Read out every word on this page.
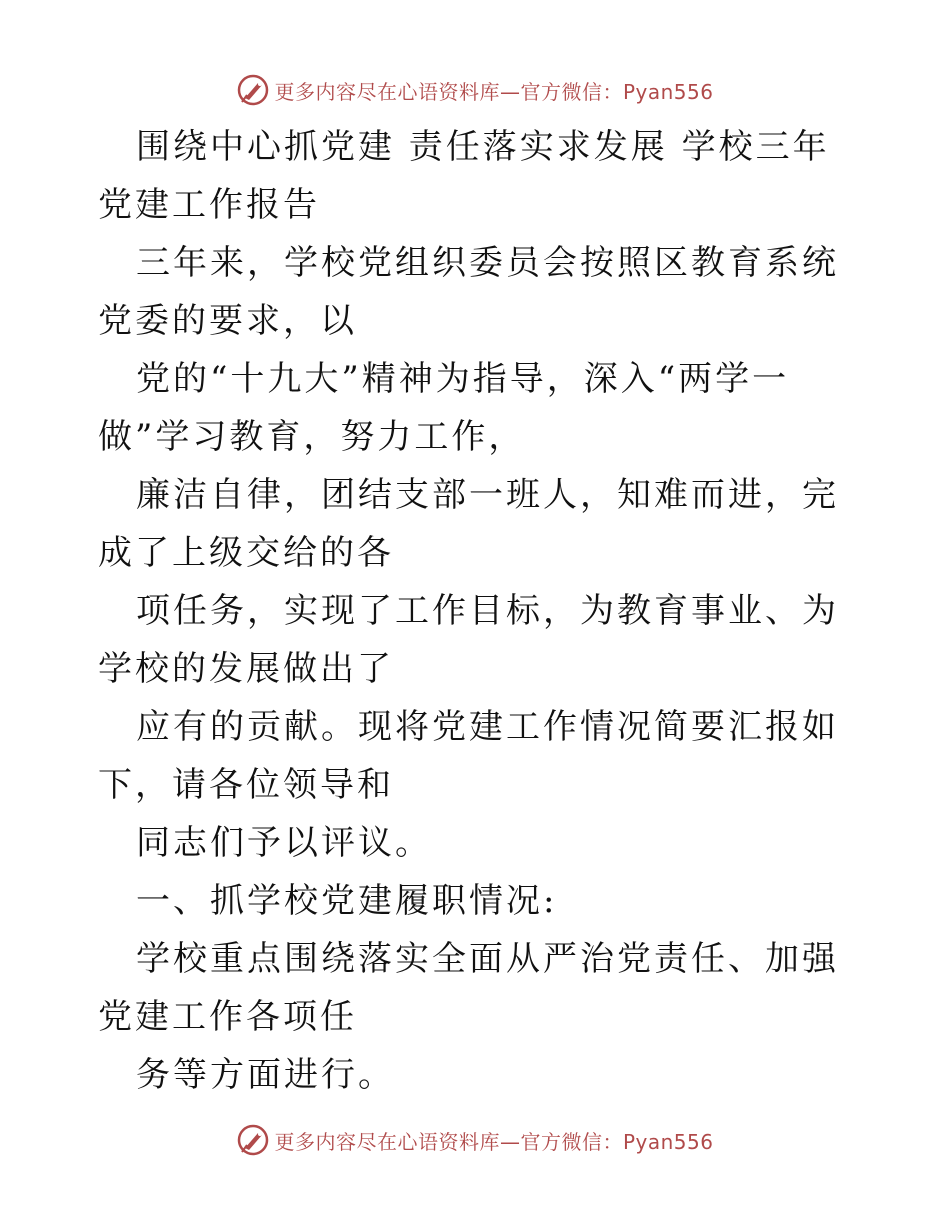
更多内容尽在心语资料库—官方微信：Pyan556

围绕中心抓党建 责任落实求发展 学校三年党建工作报告

三年来，学校党组织委员会按照区教育系统党委的要求，以

党的“十九大”精神为指导，深入“两学一做”学习教育，努力工作，

廉洁自律，团结支部一班人，知难而进，完成了上级交给的各

项任务，实现了工作目标，为教育事业、为学校的发展做出了

应有的贡献。现将党建工作情况简要汇报如下，请各位领导和

同志们予以评议。

一、抓学校党建履职情况:

学校重点围绕落实全面从严治党责任、加强党建工作各项任

务等方面进行。

更多内容尽在心语资料库—官方微信：Pyan556
